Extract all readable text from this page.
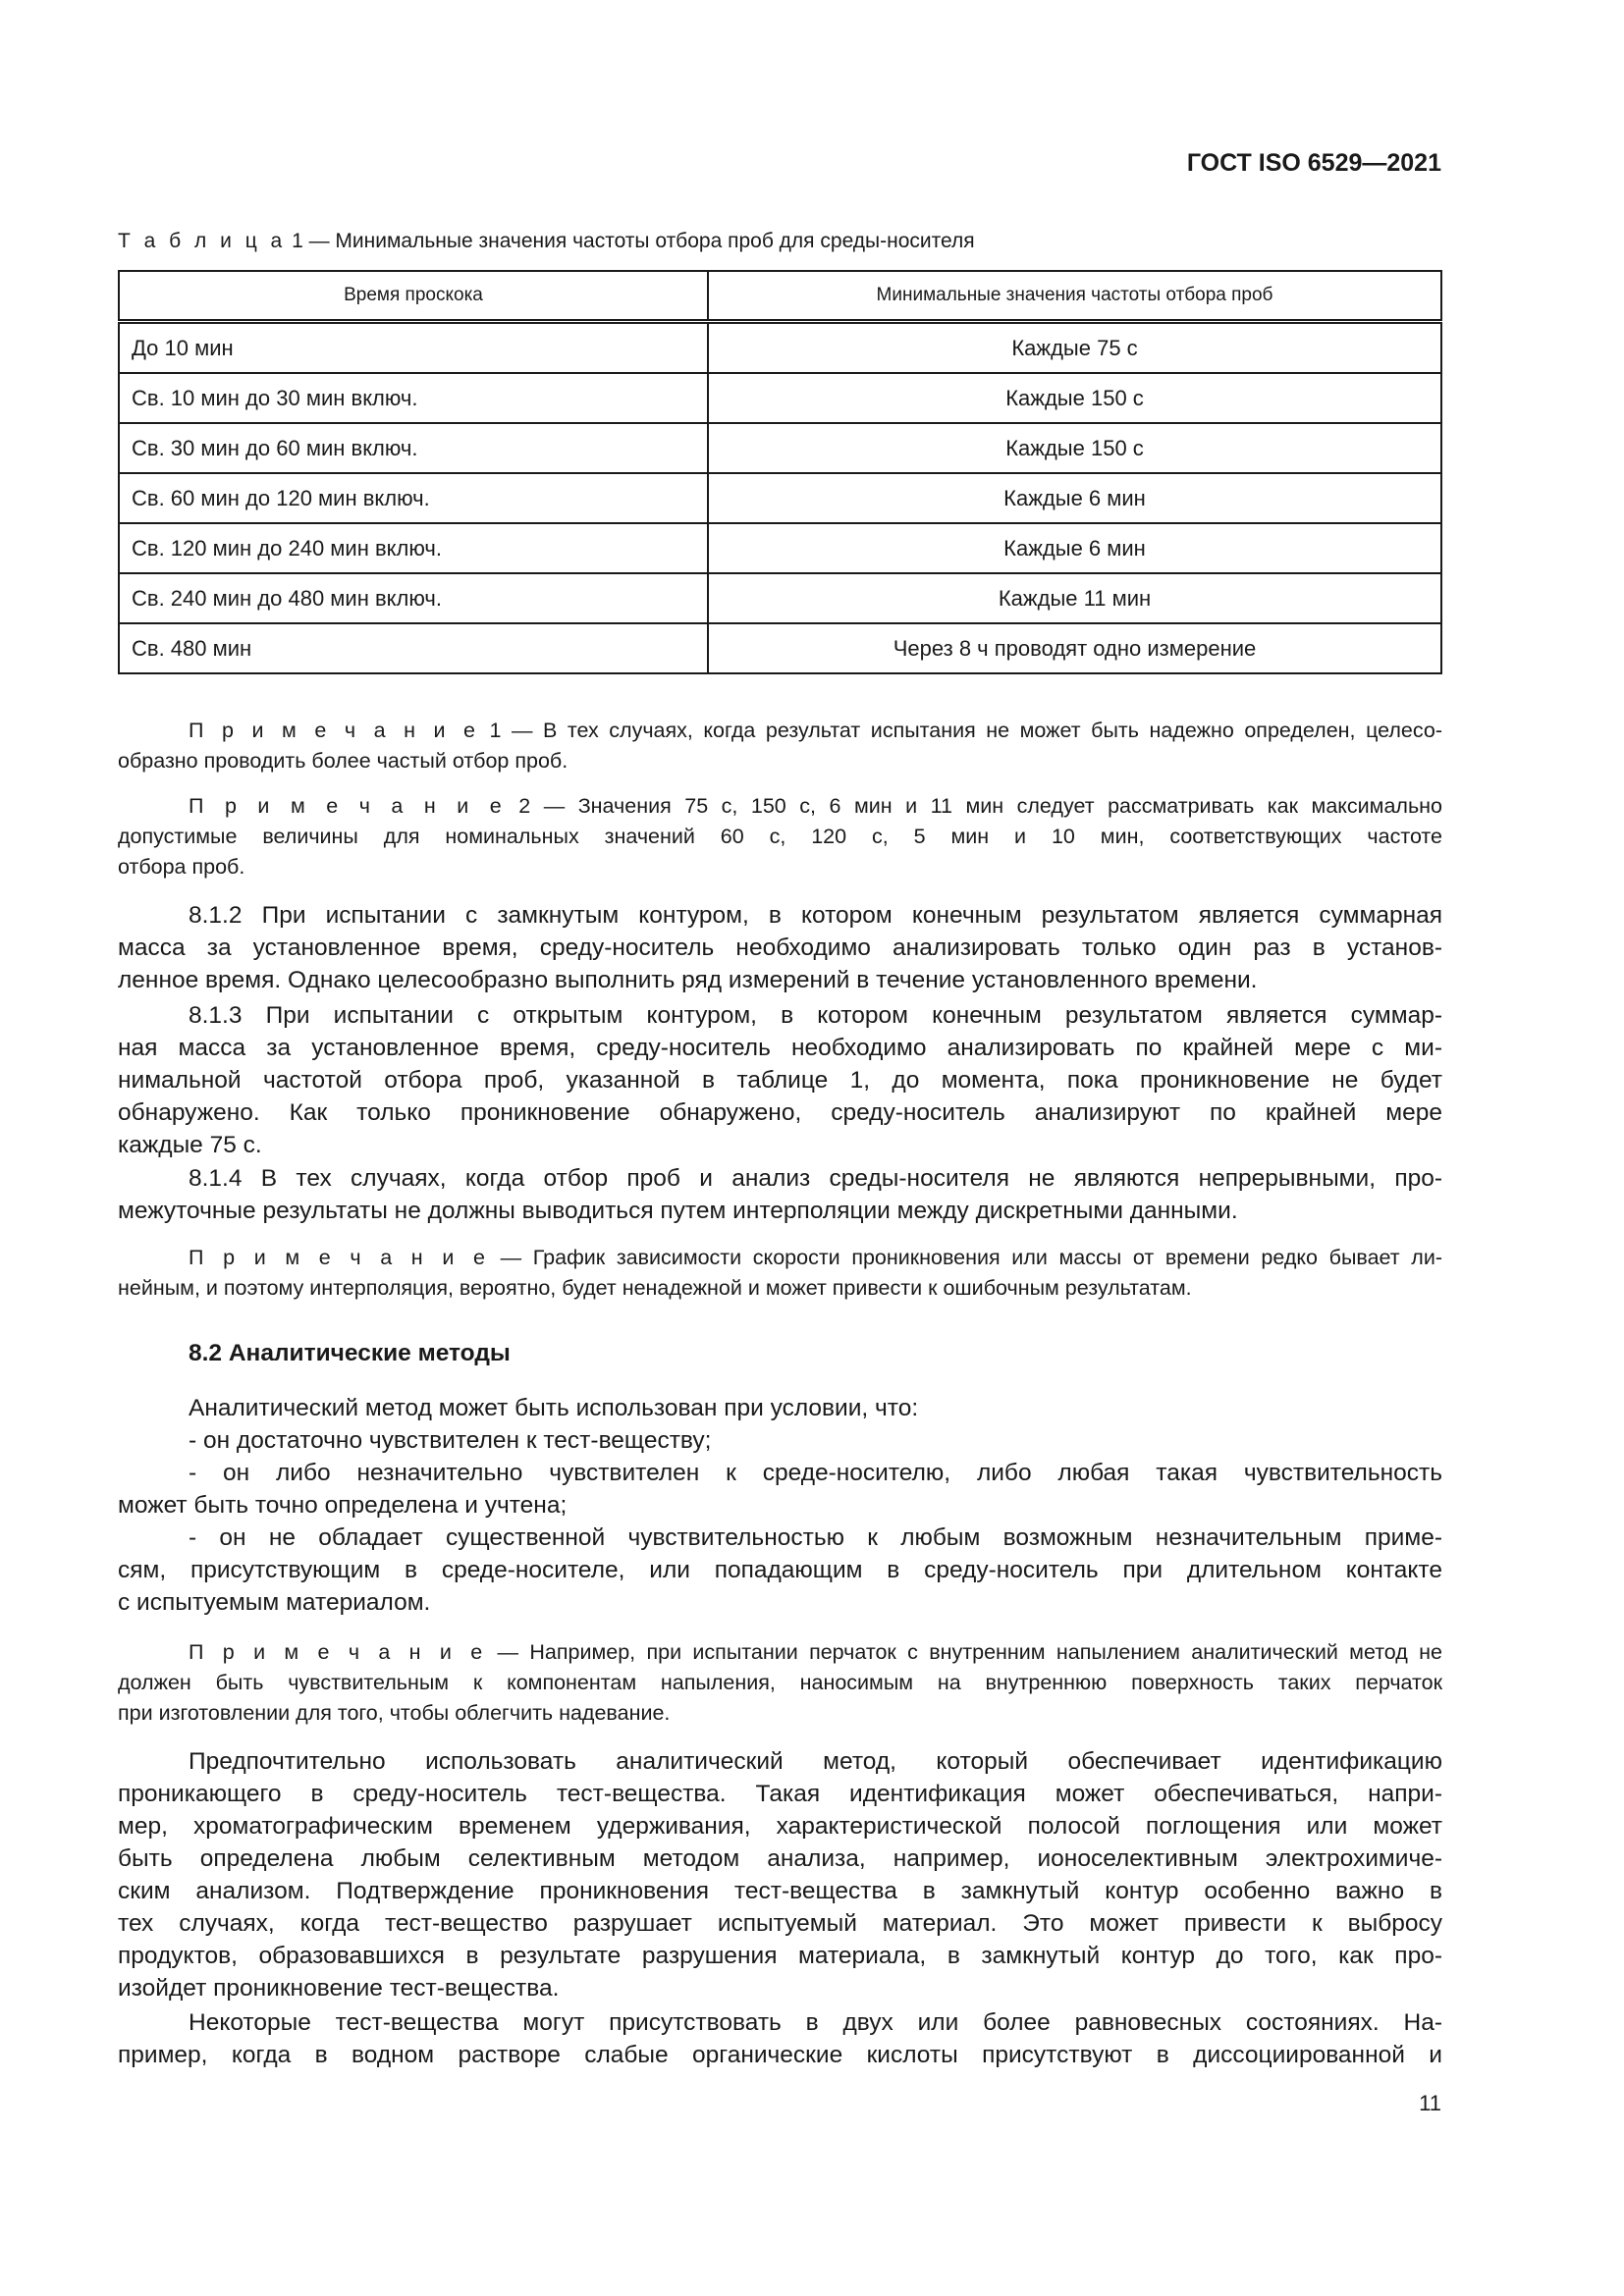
ГОСТ ISO 6529—2021
Т а б л и ц а 1 — Минимальные значения частоты отбора проб для среды-носителя
Время проскока	Минимальные значения частоты отбора проб
До 10 мин	Каждые 75 с
Св. 10 мин до 30 мин включ.	Каждые 150 с
Св. 30 мин до 60 мин включ.	Каждые 150 с
Св. 60 мин до 120 мин включ.	Каждые 6 мин
Св. 120 мин до 240 мин включ.	Каждые 6 мин
Св. 240 мин до 480 мин включ.	Каждые 11 мин
Св. 480 мин	Через 8 ч проводят одно измерение
П р и м е ч а н и е 1 — В тех случаях, когда результат испытания не может быть надежно определен, целесо-
образно проводить более частый отбор проб.
П р и м е ч а н и е 2 — Значения 75 с, 150 с, 6 мин и 11 мин следует рассматривать как максимально
допустимые величины для номинальных значений 60 с, 120 с, 5 мин и 10 мин, соответствующих частоте
отбора проб.
8.1.2 При испытании с замкнутым контуром, в котором конечным результатом является суммарная
масса за установленное время, среду-носитель необходимо анализировать только один раз в установ-
ленное время. Однако целесообразно выполнить ряд измерений в течение установленного времени.
8.1.3 При испытании с открытым контуром, в котором конечным результатом является суммар-
ная масса за установленное время, среду-носитель необходимо анализировать по крайней мере с ми-
нимальной частотой отбора проб, указанной в таблице 1, до момента, пока проникновение не будет
обнаружено. Как только проникновение обнаружено, среду-носитель анализируют по крайней мере
каждые 75 с.
8.1.4 В тех случаях, когда отбор проб и анализ среды-носителя не являются непрерывными, про-
межуточные результаты не должны выводиться путем интерполяции между дискретными данными.
П р и м е ч а н и е — График зависимости скорости проникновения или массы от времени редко бывает ли-
нейным, и поэтому интерполяция, вероятно, будет ненадежной и может привести к ошибочным результатам.
8.2 Аналитические методы
Аналитический метод может быть использован при условии, что:
- он достаточно чувствителен к тест-веществу;
- он либо незначительно чувствителен к среде-носителю, либо любая такая чувствительность
может быть точно определена и учтена;
- он не обладает существенной чувствительностью к любым возможным незначительным приме-
сям, присутствующим в среде-носителе, или попадающим в среду-носитель при длительном контакте
с испытуемым материалом.
П р и м е ч а н и е — Например, при испытании перчаток с внутренним напылением аналитический метод не
должен быть чувствительным к компонентам напыления, наносимым на внутреннюю поверхность таких перчаток
при изготовлении для того, чтобы облегчить надевание.
Предпочтительно использовать аналитический метод, который обеспечивает идентификацию
проникающего в среду-носитель тест-вещества. Такая идентификация может обеспечиваться, напри-
мер, хроматографическим временем удерживания, характеристической полосой поглощения или может
быть определена любым селективным методом анализа, например, ионоселективным электрохимиче-
ским анализом. Подтверждение проникновения тест-вещества в замкнутый контур особенно важно в
тех случаях, когда тест-вещество разрушает испытуемый материал. Это может привести к выбросу
продуктов, образовавшихся в результате разрушения материала, в замкнутый контур до того, как про-
изойдет проникновение тест-вещества.
Некоторые тест-вещества могут присутствовать в двух или более равновесных состояниях. На-
пример, когда в водном растворе слабые органические кислоты присутствуют в диссоциированной и
11
